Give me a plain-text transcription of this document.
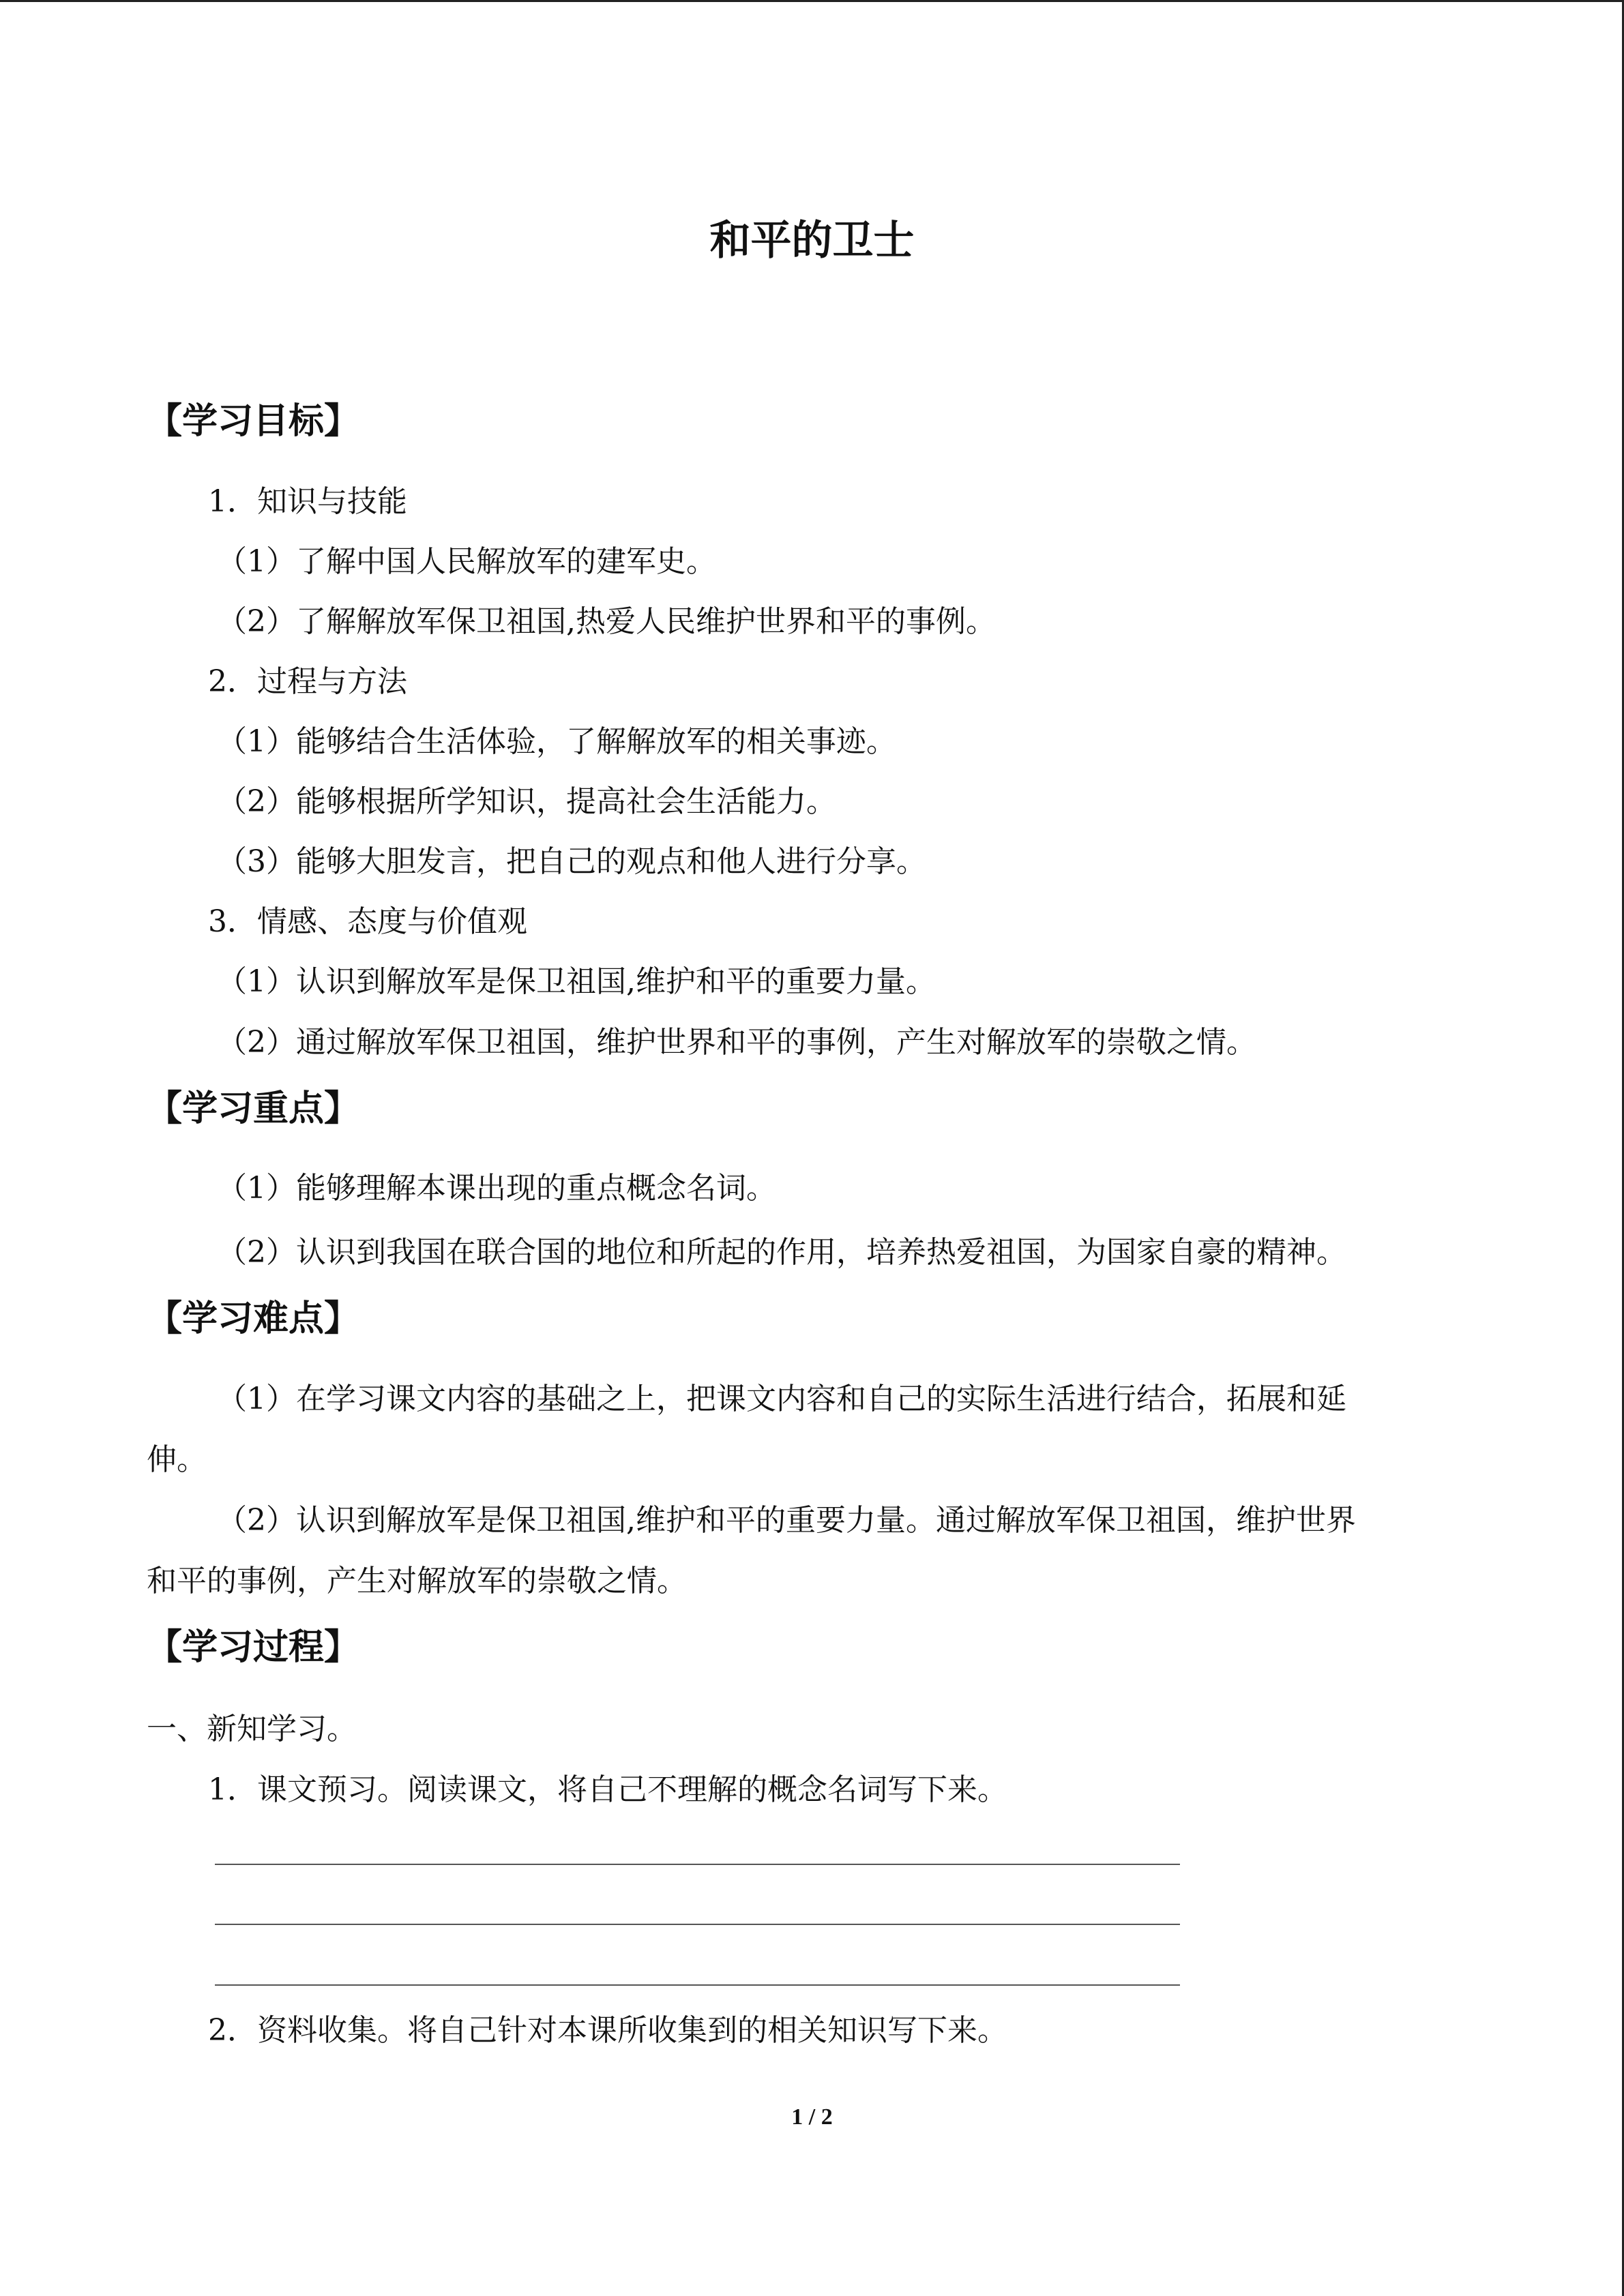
和平的卫士
【学习目标】
1．知识与技能
（1）了解中国人民解放军的建军史。
（2）了解解放军保卫祖国,热爱人民维护世界和平的事例。
2．过程与方法
（1）能够结合生活体验，了解解放军的相关事迹。
（2）能够根据所学知识，提高社会生活能力。
（3）能够大胆发言，把自己的观点和他人进行分享。
3．情感、态度与价值观
（1）认识到解放军是保卫祖国,维护和平的重要力量。
（2）通过解放军保卫祖国，维护世界和平的事例，产生对解放军的崇敬之情。
【学习重点】
（1）能够理解本课出现的重点概念名词。
（2）认识到我国在联合国的地位和所起的作用，培养热爱祖国，为国家自豪的精神。
【学习难点】
（1）在学习课文内容的基础之上，把课文内容和自己的实际生活进行结合，拓展和延
伸。
（2）认识到解放军是保卫祖国,维护和平的重要力量。通过解放军保卫祖国，维护世界
和平的事例，产生对解放军的崇敬之情。
【学习过程】
一、新知学习。
1．课文预习。阅读课文，将自己不理解的概念名词写下来。
2．资料收集。将自己针对本课所收集到的相关知识写下来。
1 / 2
